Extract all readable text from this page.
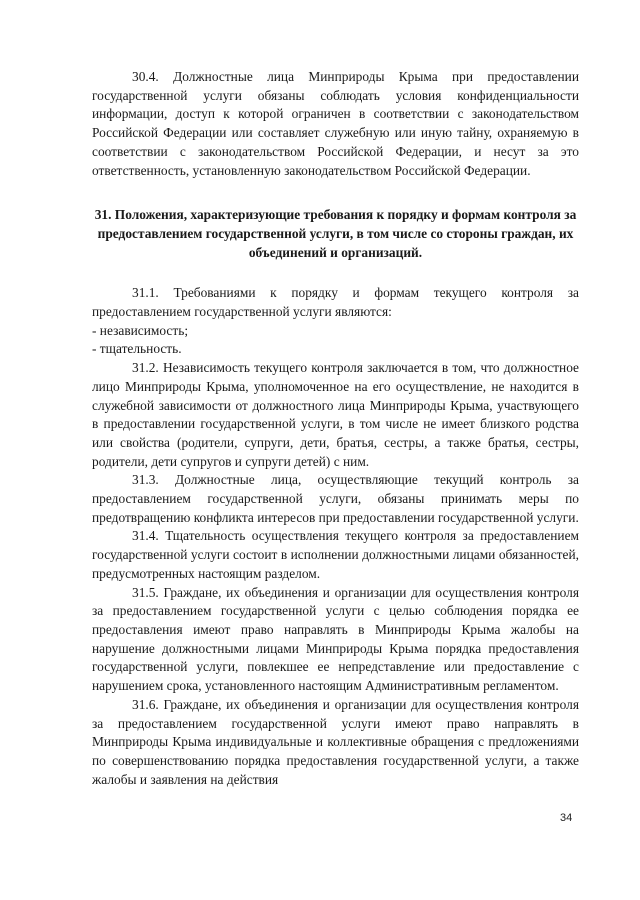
30.4. Должностные лица Минприроды Крыма при предоставлении государственной услуги обязаны соблюдать условия конфиденциальности информации, доступ к которой ограничен в соответствии с законодательством Российской Федерации или составляет служебную или иную тайну, охраняемую в соответствии с законодательством Российской Федерации, и несут за это ответственность, установленную законодательством Российской Федерации.

31. Положения, характеризующие требования к порядку и формам контроля за предоставлением государственной услуги, в том числе со стороны граждан, их объединений и организаций.

31.1. Требованиями к порядку и формам текущего контроля за предоставлением государственной услуги являются:

- независимость;

- тщательность.

31.2. Независимость текущего контроля заключается в том, что должностное лицо Минприроды Крыма, уполномоченное на его осуществление, не находится в служебной зависимости от должностного лица Минприроды Крыма, участвующего в предоставлении государственной услуги, в том числе не имеет близкого родства или свойства (родители, супруги, дети, братья, сестры, а также братья, сестры, родители, дети супругов и супруги детей) с ним.

31.3. Должностные лица, осуществляющие текущий контроль за предоставлением государственной услуги, обязаны принимать меры по предотвращению конфликта интересов при предоставлении государственной услуги.

31.4. Тщательность осуществления текущего контроля за предоставлением государственной услуги состоит в исполнении должностными лицами обязанностей, предусмотренных настоящим разделом.

31.5. Граждане, их объединения и организации для осуществления контроля за предоставлением государственной услуги с целью соблюдения порядка ее предоставления имеют право направлять в Минприроды Крыма жалобы на нарушение должностными лицами Минприроды Крыма порядка предоставления государственной услуги, повлекшее ее непредставление или предоставление с нарушением срока, установленного настоящим Административным регламентом.

31.6. Граждане, их объединения и организации для осуществления контроля за предоставлением государственной услуги имеют право направлять в Минприроды Крыма индивидуальные и коллективные обращения с предложениями по совершенствованию порядка предоставления государственной услуги, а также жалобы и заявления на действия

34
